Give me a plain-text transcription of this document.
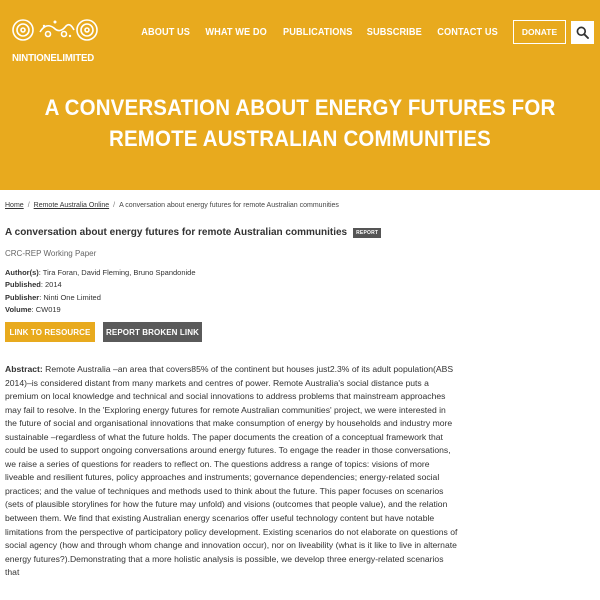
NINTIONELIMITED
ABOUT US WHAT WE DO PUBLICATIONS SUBSCRIBE CONTACT US	DONATE
A CONVERSATION ABOUT ENERGY FUTURES FOR REMOTE AUSTRALIAN COMMUNITIES
Home / Remote Australia Online / A conversation about energy futures for remote Australian communities
A conversation about energy futures for remote Australian communities	REPORT
CRC-REP Working Paper
Author(s): Tira Foran, David Fleming, Bruno Spandonide
Published: 2014
Publisher: Ninti One Limited
Volume: CW019
LINK TO RESOURCE	REPORT BROKEN LINK
Abstract: Remote Australia –an area that covers85% of the continent but houses just2.3% of its adult population(ABS 2014)–is considered distant from many markets and centres of power. Remote Australia's social distance puts a premium on local knowledge and technical and social innovations to address problems that mainstream approaches may fail to resolve. In the 'Exploring energy futures for remote Australian communities' project, we were interested in the future of social and organisational innovations that make consumption of energy by households and industry more sustainable –regardless of what the future holds. The paper documents the creation of a conceptual framework that could be used to support ongoing conversations around energy futures. To engage the reader in those conversations, we raise a series of questions for readers to reflect on. The questions address a range of topics: visions of more liveable and resilient futures, policy approaches and instruments; governance dependencies; energy-related social practices; and the value of techniques and methods used to think about the future. This paper focuses on scenarios (sets of plausible storylines for how the future may unfold) and visions (outcomes that people value), and the relation between them. We find that existing Australian energy scenarios offer useful technology content but have notable limitations from the perspective of participatory policy development. Existing scenarios do not elaborate on questions of social agency (how and through whom change and innovation occur), nor on liveability (what is it like to live in alternate energy futures?).Demonstrating that a more holistic analysis is possible, we develop three energy-related scenarios that
